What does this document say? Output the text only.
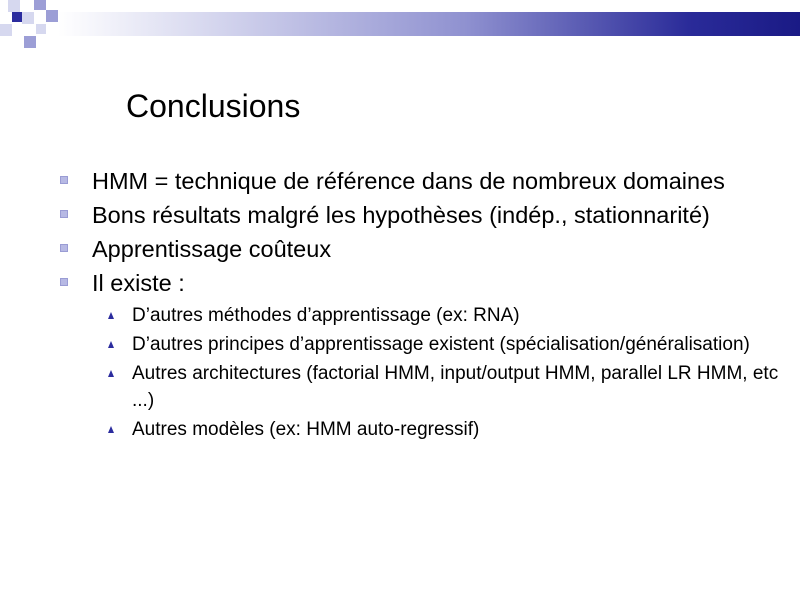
Conclusions
HMM = technique de référence dans de nombreux domaines
Bons résultats malgré les hypothèses (indép., stationnarité)
Apprentissage coûteux
Il existe :
D’autres méthodes d’apprentissage (ex: RNA)
D’autres principes d’apprentissage existent (spécialisation/généralisation)
Autres architectures (factorial HMM, input/output HMM, parallel LR HMM, etc ...)
Autres modèles (ex: HMM auto-regressif)
